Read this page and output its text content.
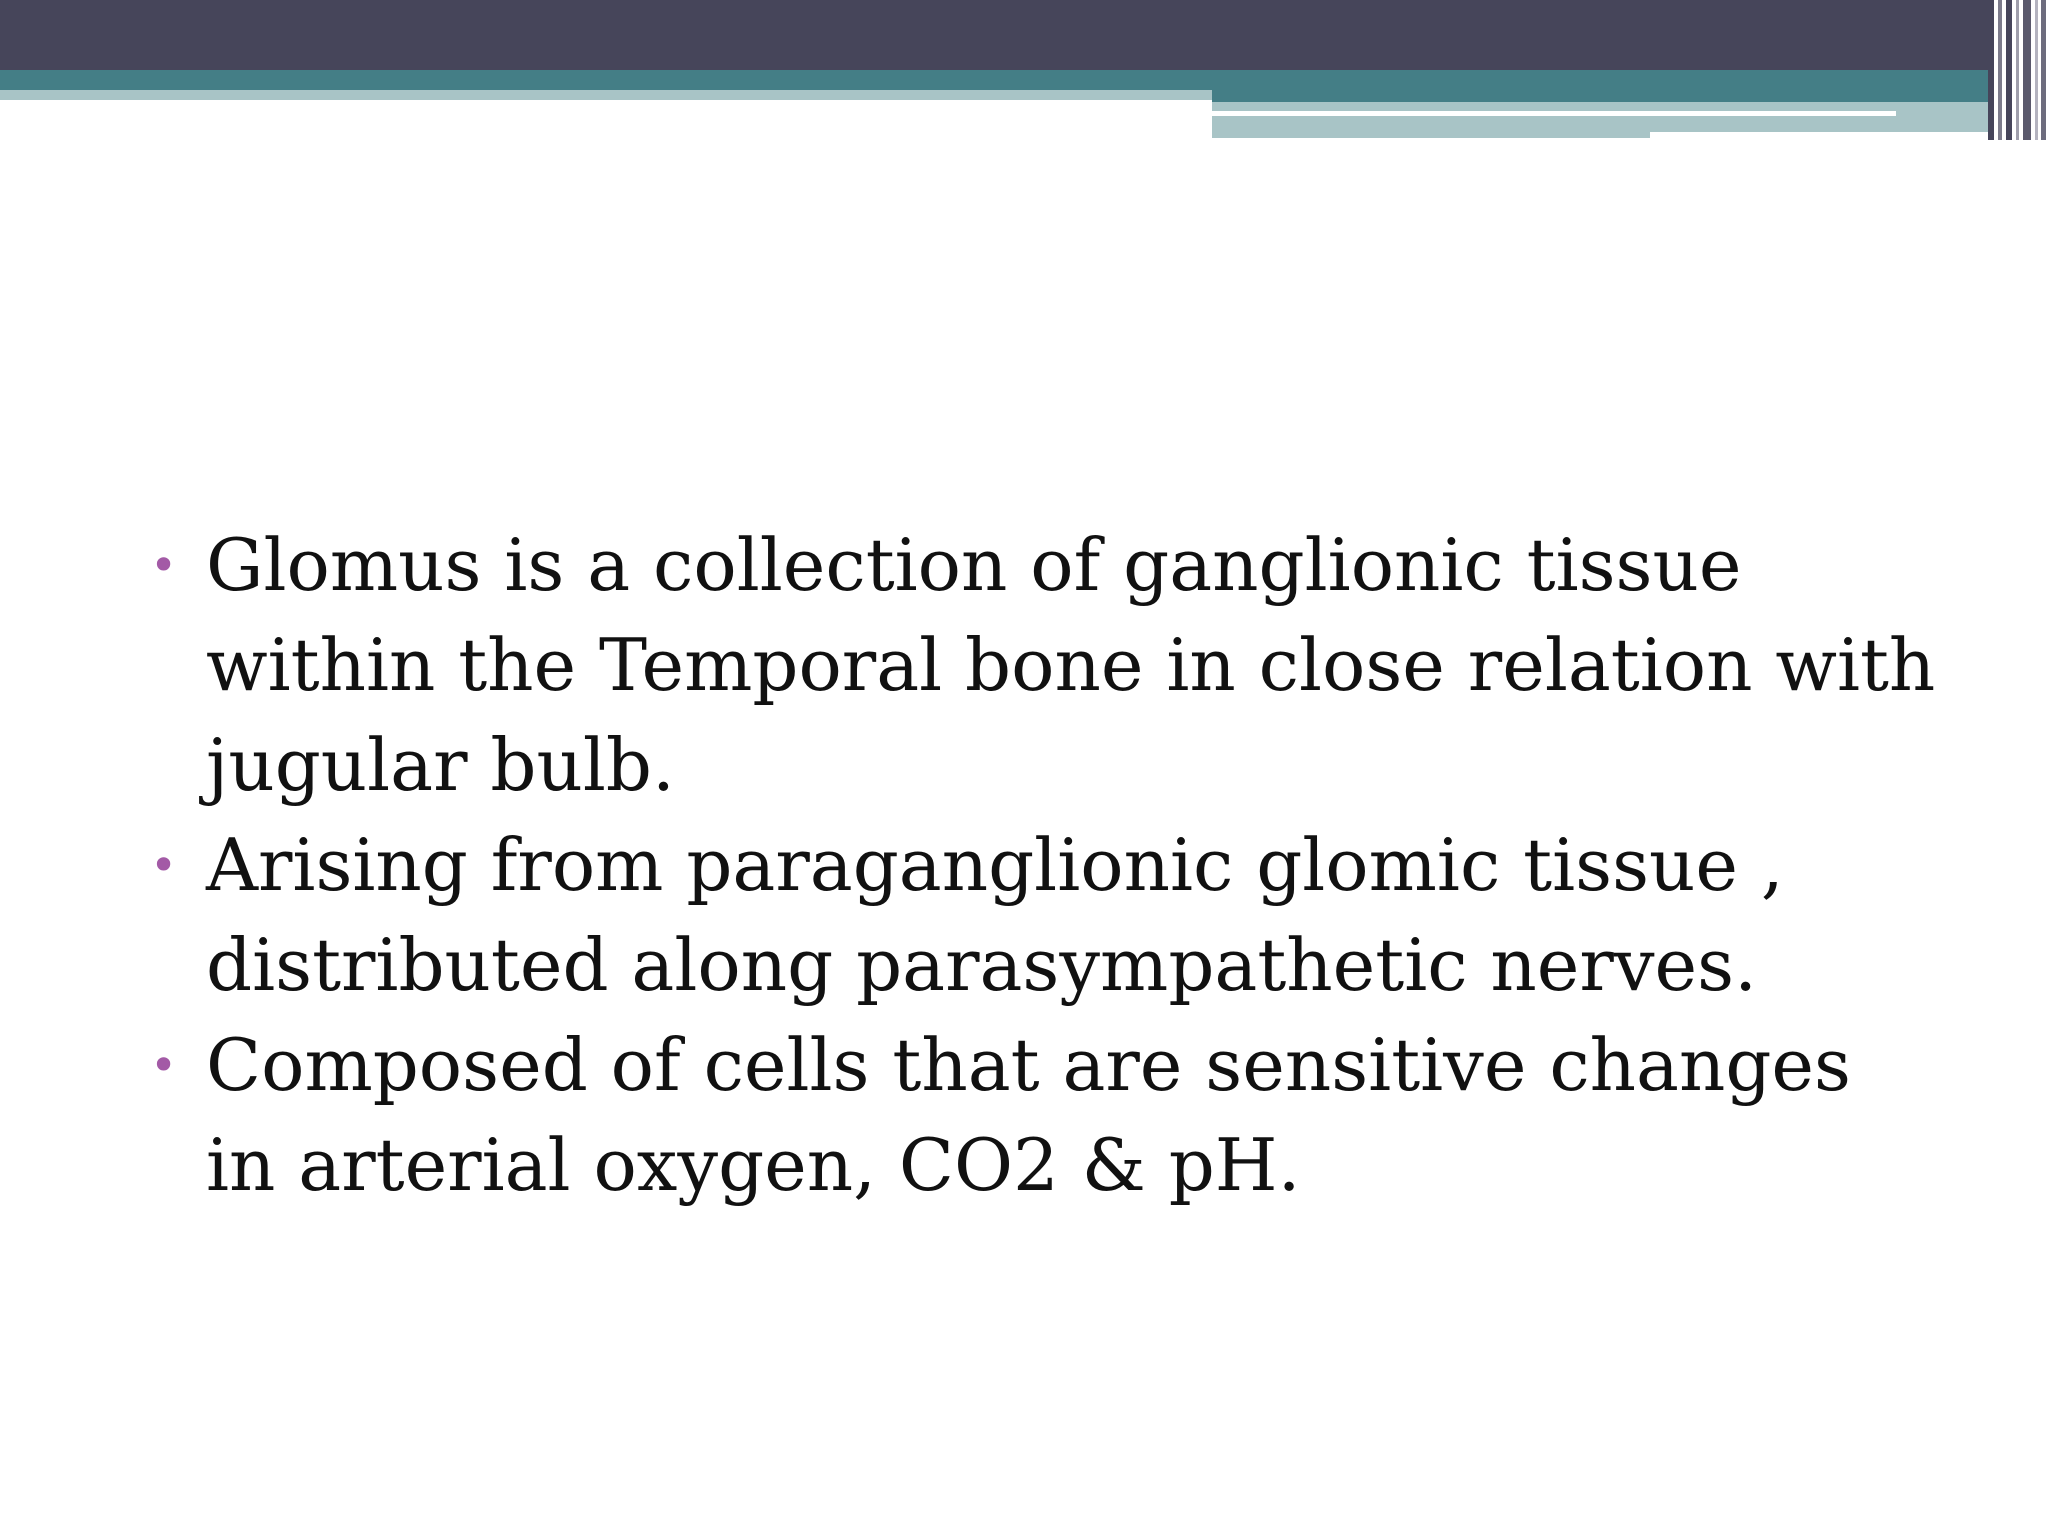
• Glomus is a collection of ganglionic tissue within the Temporal bone in close relation with jugular bulb.
• Arising from paraganglionic glomic tissue , distributed along parasympathetic nerves.
• Composed of cells that are sensitive changes in arterial oxygen, CO2 & pH.
